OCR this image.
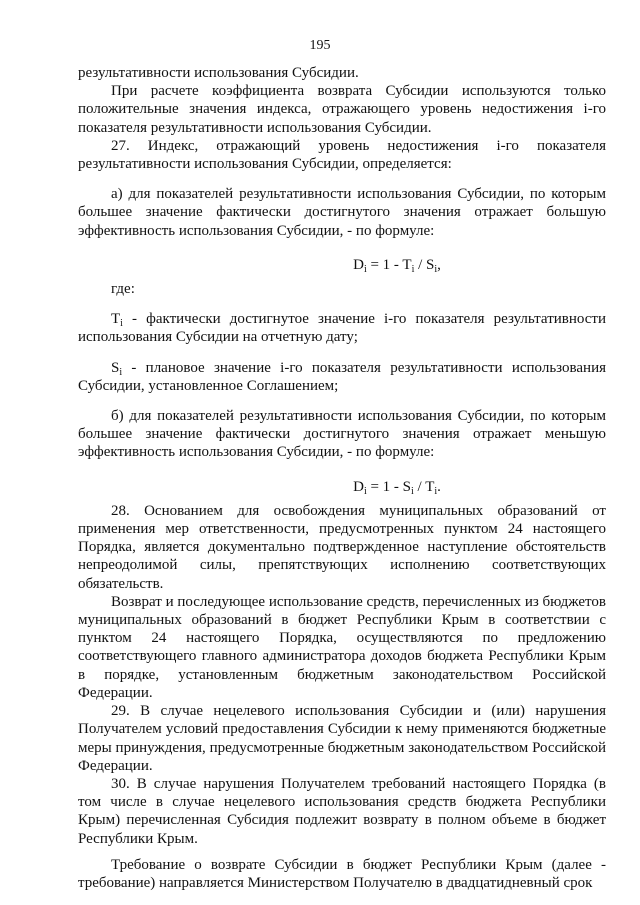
195

результативности использования Субсидии.

При расчете коэффициента возврата Субсидии используются только положительные значения индекса, отражающего уровень недостижения i-го показателя результативности использования Субсидии.

27. Индекс, отражающий уровень недостижения i-го показателя результативности использования Субсидии, определяется:

а) для показателей результативности использования Субсидии, по которым большее значение фактически достигнутого значения отражает большую эффективность использования Субсидии, - по формуле:

$D_i = 1 - T_i / S_i$,

где:

$T_i$ - фактически достигнутое значение i-го показателя результативности использования Субсидии на отчетную дату;

$S_i$ - плановое значение i-го показателя результативности использования Субсидии, установленное Соглашением;

б) для показателей результативности использования Субсидии, по которым большее значение фактически достигнутого значения отражает меньшую эффективность использования Субсидии, - по формуле:

$D_i = 1 - S_i / T_i$.

28. Основанием для освобождения муниципальных образований от применения мер ответственности, предусмотренных пунктом 24 настоящего Порядка, является документально подтвержденное наступление обстоятельств непреодолимой силы, препятствующих исполнению соответствующих обязательств.

Возврат и последующее использование средств, перечисленных из бюджетов муниципальных образований в бюджет Республики Крым в соответствии с пунктом 24 настоящего Порядка, осуществляются по предложению соответствующего главного администратора доходов бюджета Республики Крым в порядке, установленным бюджетным законодательством Российской Федерации.

29. В случае нецелевого использования Субсидии и (или) нарушения Получателем условий предоставления Субсидии к нему применяются бюджетные меры принуждения, предусмотренные бюджетным законодательством Российской Федерации.

30. В случае нарушения Получателем требований настоящего Порядка (в том числе в случае нецелевого использования средств бюджета Республики Крым) перечисленная Субсидия подлежит возврату в полном объеме в бюджет Республики Крым.

Требование о возврате Субсидии в бюджет Республики Крым (далее - требование) направляется Министерством Получателю в двадцатидневный срок
